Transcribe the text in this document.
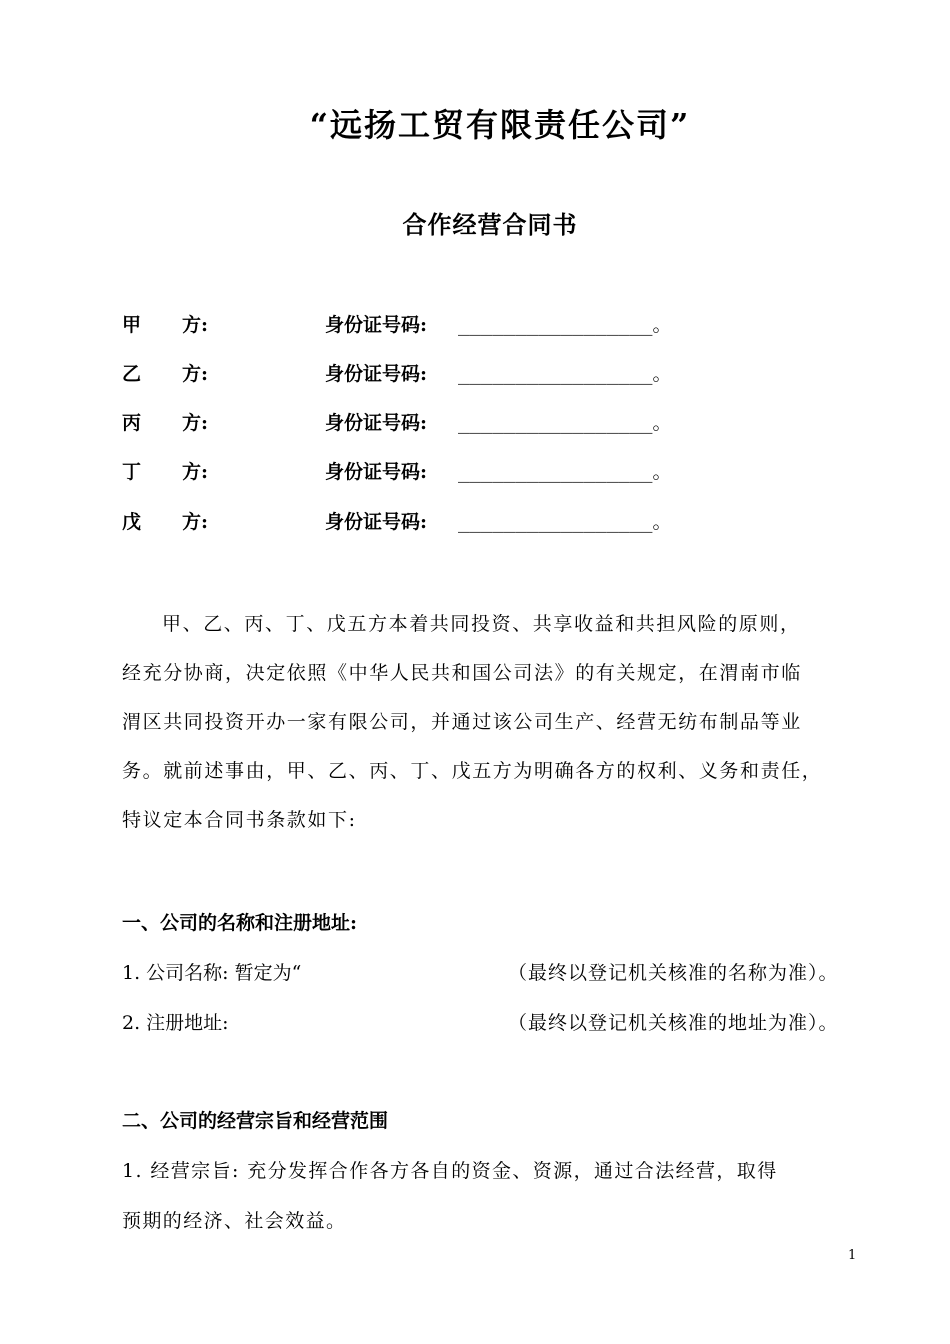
“远扬工贸有限责任公司”
合作经营合同书
甲 方:	身份证号码: _________________。
乙 方:	身份证号码: _________________。
丙 方:	身份证号码: _________________。
丁 方:	身份证号码: _________________。
戊 方:	身份证号码: _________________。
甲、乙、丙、丁、戊五方本着共同投资、共享收益和共担风险的原则，
经充分协商，决定依照《中华人民共和国公司法》的有关规定，在渭南市临
渭区共同投资开办一家有限公司，并通过该公司生产、经营无纺布制品等业
务。就前述事由，甲、乙、丙、丁、戊五方为明确各方的权利、义务和责任，
特议定本合同书条款如下:
一、公司的名称和注册地址:
1. 公司名称: 暂定为“	（最终以登记机关核准的名称为准）。
2. 注册地址:	（最终以登记机关核准的地址为准）。
二、公司的经营宗旨和经营范围
1. 经营宗旨: 充分发挥合作各方各自的资金、资源，通过合法经营，取得
预期的经济、社会效益。
1
